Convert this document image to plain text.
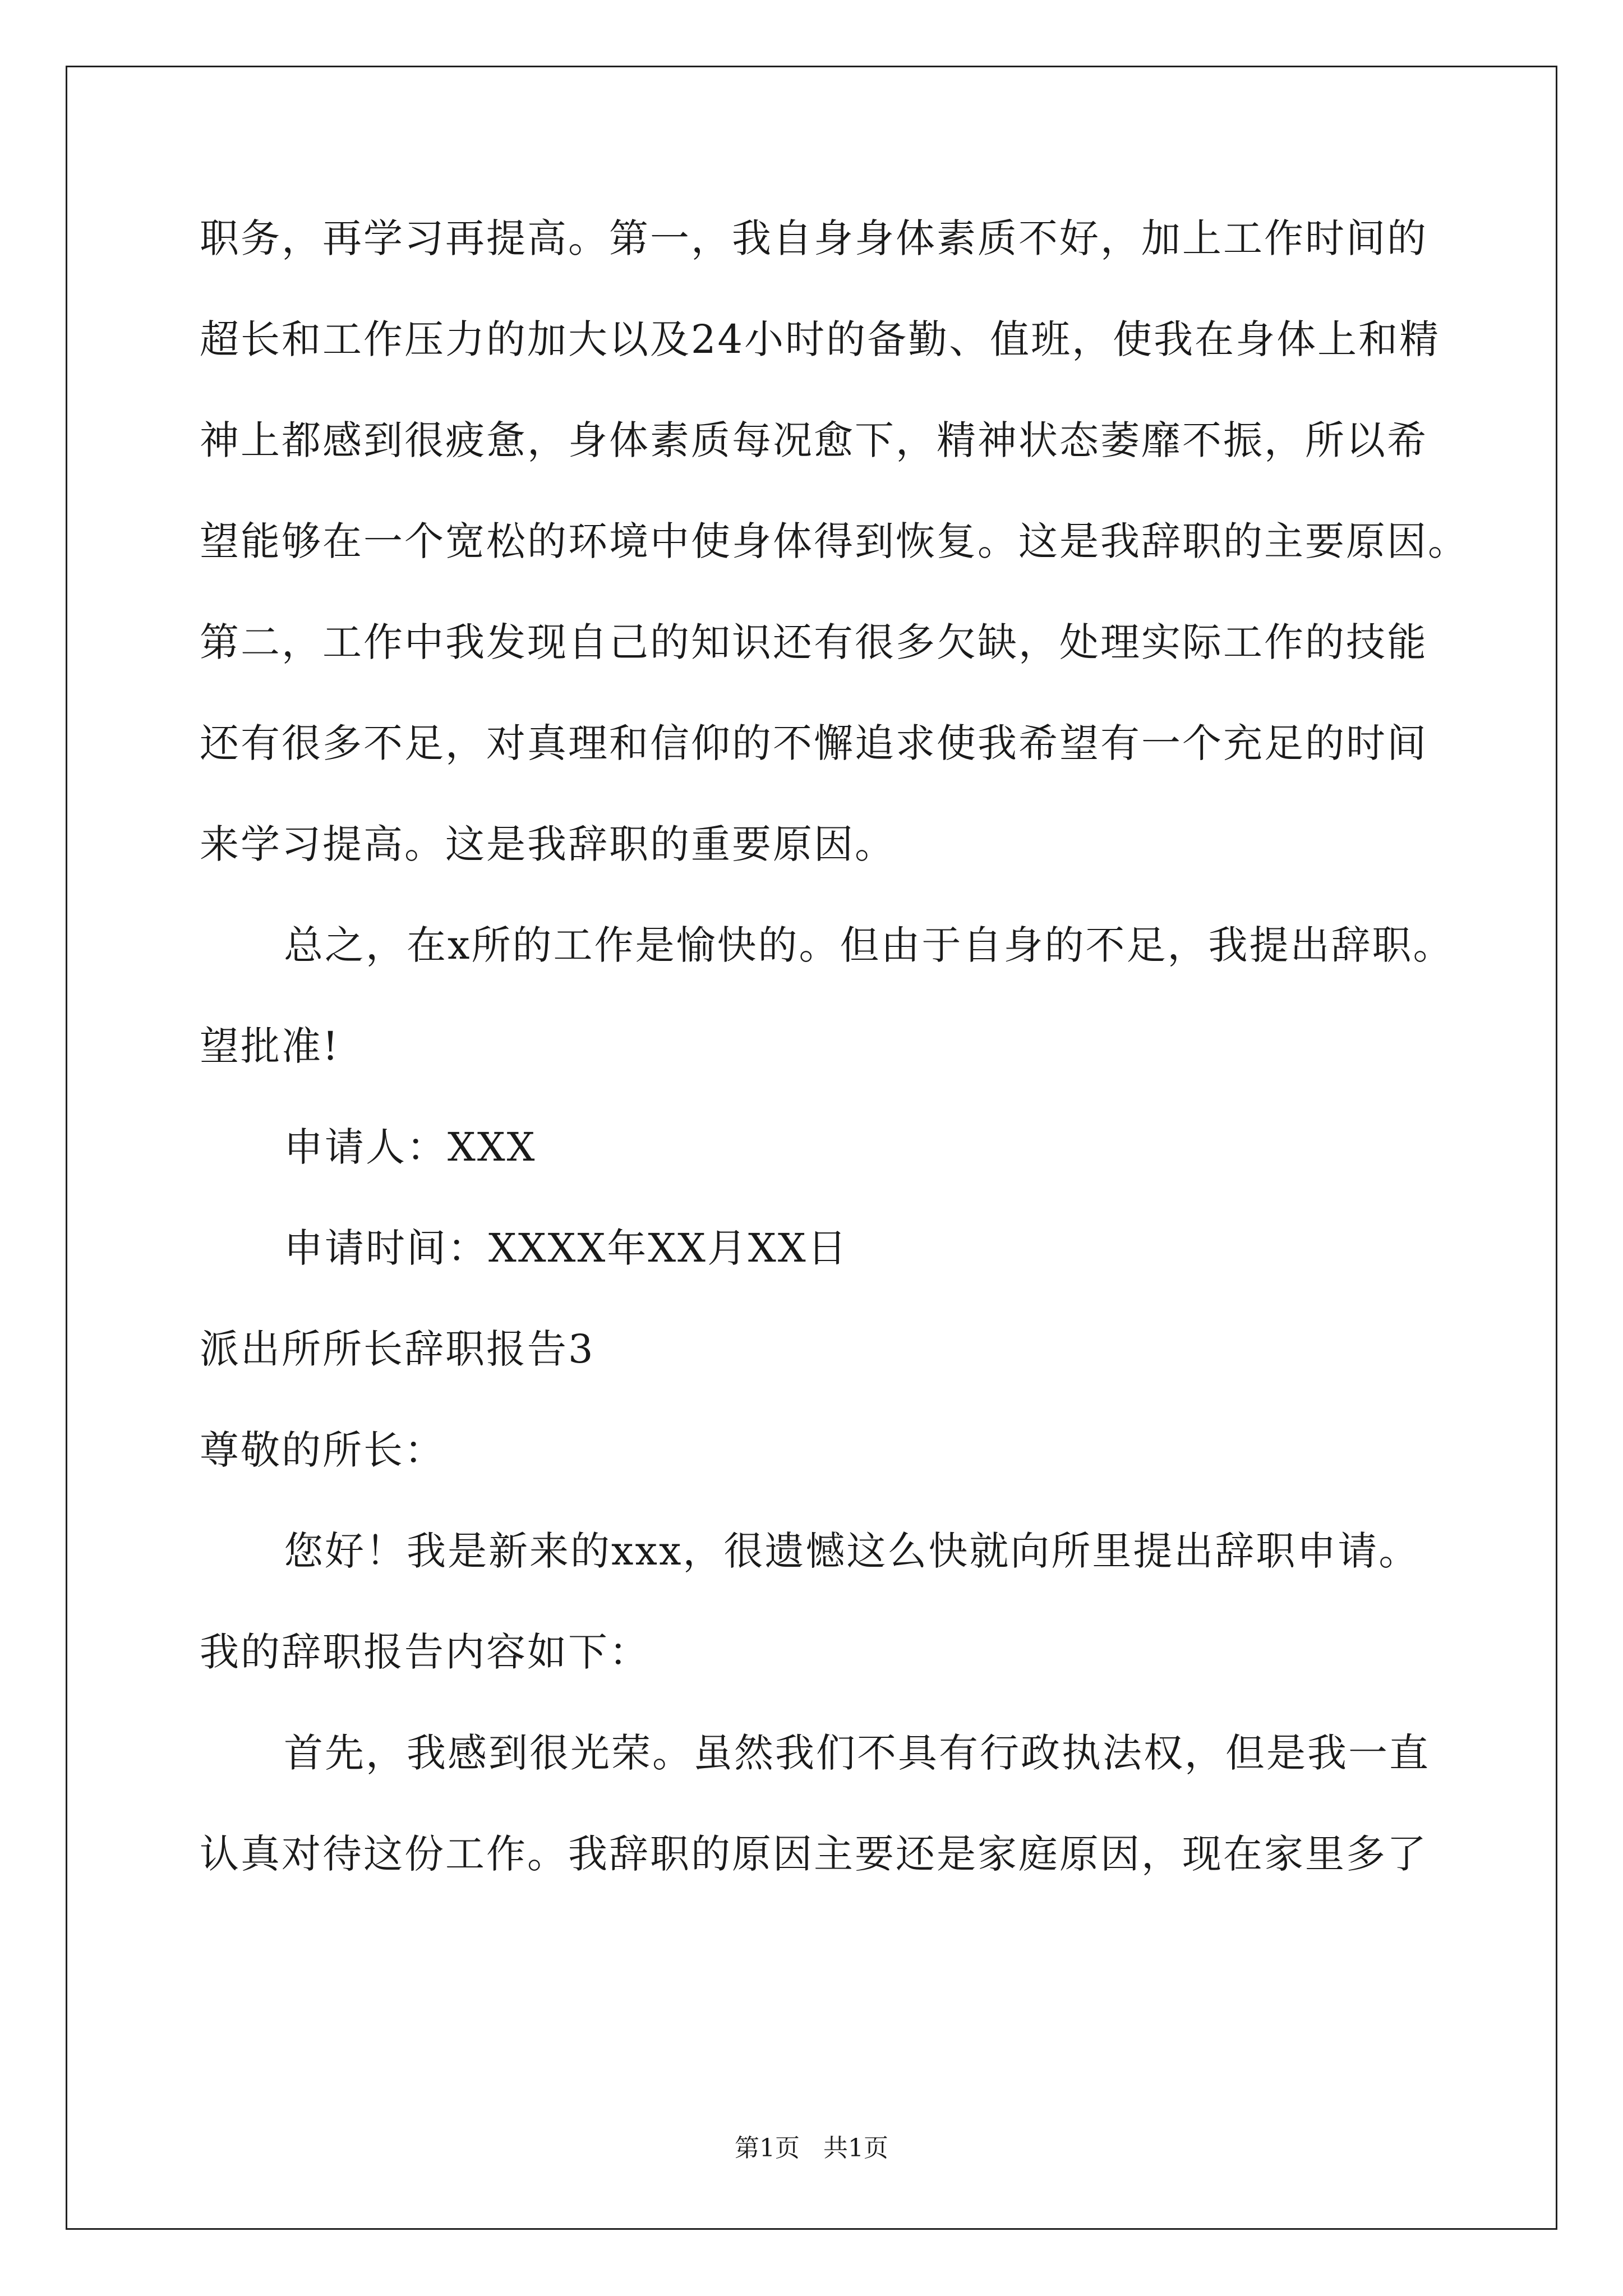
职务，再学习再提高。第一，我自身身体素质不好，加上工作时间的
超长和工作压力的加大以及24小时的备勤、值班，使我在身体上和精
神上都感到很疲惫，身体素质每况愈下，精神状态萎靡不振，所以希
望能够在一个宽松的环境中使身体得到恢复。这是我辞职的主要原因。
第二，工作中我发现自己的知识还有很多欠缺，处理实际工作的技能
还有很多不足，对真理和信仰的不懈追求使我希望有一个充足的时间
来学习提高。这是我辞职的重要原因。
总之，在x所的工作是愉快的。但由于自身的不足，我提出辞职。
望批准!
申请人：XXX
申请时间：XXXX年XX月XX日
派出所所长辞职报告3
尊敬的所长：
您好！我是新来的xxx，很遗憾这么快就向所里提出辞职申请。
我的辞职报告内容如下：
首先，我感到很光荣。虽然我们不具有行政执法权，但是我一直
认真对待这份工作。我辞职的原因主要还是家庭原因，现在家里多了
第1页 共1页
